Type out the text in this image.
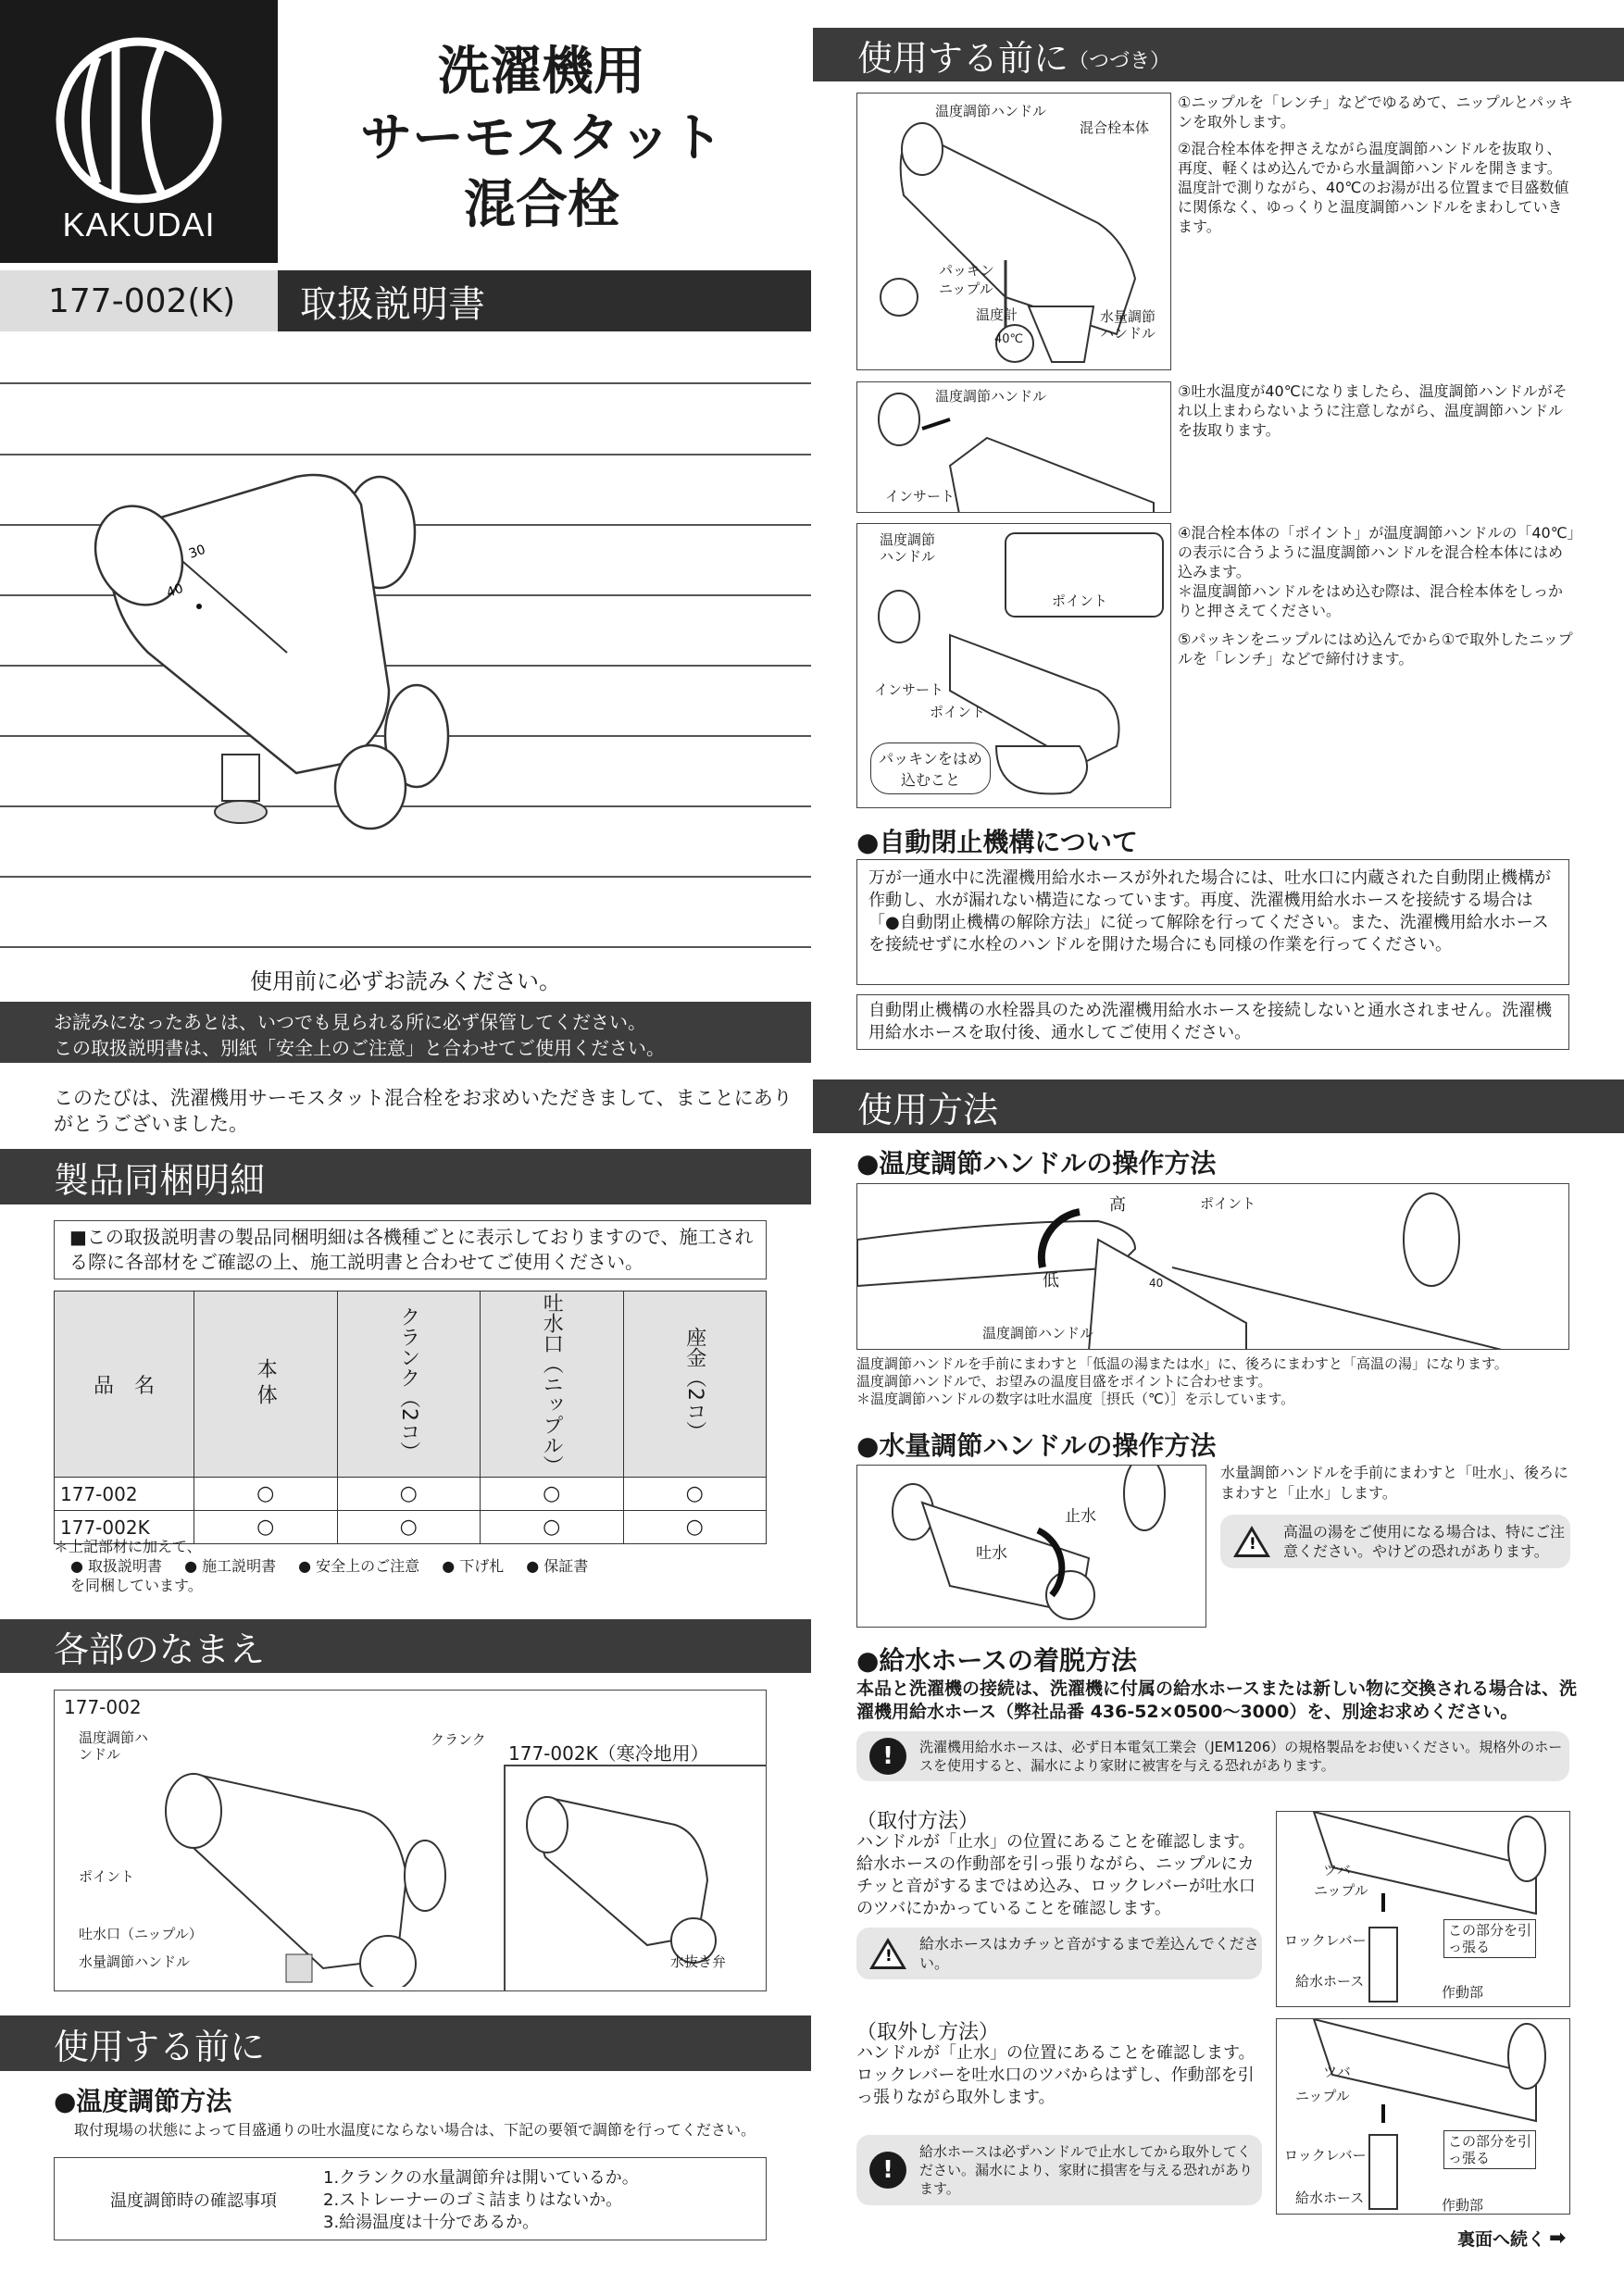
KAKUDAI
洗濯機用
サーモスタット
混合栓
177-002(K)	取扱説明書
30
40
使用前に必ずお読みください。
お読みになったあとは、いつでも見られる所に必ず保管してください。
この取扱説明書は、別紙「安全上のご注意」と合わせてご使用ください。
このたびは、洗濯機用サーモスタット混合栓をお求めいただきまして、まことにありがとうございました。
製品同梱明細
■この取扱説明書の製品同梱明細は各機種ごとに表示しておりますので、施工される際に各部材をご確認の上、施工説明書と合わせてご使用ください。
品　名	本体	クランク（2コ）	吐水口（ニップル）	座金（2コ）
177-002	○	○	○	○
177-002K	○	○	○	○
＊上記部材に加えて、
● 取扱説明書 ● 施工説明書 ● 安全上のご注意 ● 下げ札 ● 保証書
を同梱しています。
各部のなまえ
177-002
温度調節ハンドル
クランク
ポイント
吐水口（ニップル）
水量調節ハンドル
177-002K（寒冷地用）
水抜き弁
使用する前に
●温度調節方法
取付現場の状態によって目盛通りの吐水温度にならない場合は、下記の要領で調節を行ってください。
温度調節時の確認事項
1.クランクの水量調節弁は開いているか。
2.ストレーナーのゴミ詰まりはないか。
3.給湯温度は十分であるか。
使用する前に （つづき）
温度調節ハンドル
混合栓本体
パッキン
ニップル
温度計
40℃
水量調節ハンドル
①ニップルを「レンチ」などでゆるめて、ニップルとパッキンを取外します。
②混合栓本体を押さえながら温度調節ハンドルを抜取り、再度、軽くはめ込んでから水量調節ハンドルを開きます。温度計で測りながら、40℃のお湯が出る位置まで目盛数値に関係なく、ゆっくりと温度調節ハンドルをまわしていきます。
温度調節ハンドル
インサート
③吐水温度が40℃になりましたら、温度調節ハンドルがそれ以上まわらないように注意しながら、温度調節ハンドルを抜取ります。
温度調節ハンドル
ポイント
インサート
ポイント
パッキンをはめ込むこと
④混合栓本体の「ポイント」が温度調節ハンドルの「40℃」の表示に合うように温度調節ハンドルを混合栓本体にはめ込みます。
＊温度調節ハンドルをはめ込む際は、混合栓本体をしっかりと押さえてください。
⑤パッキンをニップルにはめ込んでから①で取外したニップルを「レンチ」などで締付けます。
●自動閉止機構について
万が一通水中に洗濯機用給水ホースが外れた場合には、吐水口に内蔵された自動閉止機構が作動し、水が漏れない構造になっています。再度、洗濯機用給水ホースを接続する場合は「●自動閉止機構の解除方法」に従って解除を行ってください。また、洗濯機用給水ホースを接続せずに水栓のハンドルを開けた場合にも同様の作業を行ってください。
自動閉止機構の水栓器具のため洗濯機用給水ホースを接続しないと通水されません。洗濯機用給水ホースを取付後、通水してご使用ください。
使用方法
●温度調節ハンドルの操作方法
高
低
ポイント
40
温度調節ハンドル
温度調節ハンドルを手前にまわすと「低温の湯または水」に、後ろにまわすと「高温の湯」になります。
温度調節ハンドルで、お望みの温度目盛をポイントに合わせます。
＊温度調節ハンドルの数字は吐水温度［摂氏（℃）］を示しています。
●水量調節ハンドルの操作方法
止水
吐水
水量調節ハンドルを手前にまわすと「吐水」、後ろにまわすと「止水」します。
!
高温の湯をご使用になる場合は、特にご注意ください。やけどの恐れがあります。
●給水ホースの着脱方法
本品と洗濯機の接続は、洗濯機に付属の給水ホースまたは新しい物に交換される場合は、洗濯機用給水ホース（弊社品番 436-52×0500～3000）を、別途お求めください。
!	洗濯機用給水ホースは、必ず日本電気工業会（JEM1206）の規格製品をお使いください。規格外のホースを使用すると、漏水により家財に被害を与える恐れがあります。
（取付方法）
ハンドルが「止水」の位置にあることを確認します。給水ホースの作動部を引っ張りながら、ニップルにカチッと音がするまではめ込み、ロックレバーが吐水口のツバにかかっていることを確認します。
!
給水ホースはカチッと音がするまで差込んでください。
ツバ
ニップル
ロックレバー
給水ホース
この部分を引っ張る
作動部
（取外し方法）
ハンドルが「止水」の位置にあることを確認します。ロックレバーを吐水口のツバからはずし、作動部を引っ張りながら取外します。
!
給水ホースは必ずハンドルで止水してから取外してください。漏水により、家財に損害を与える恐れがあります。
ツバ
ニップル
ロックレバー
給水ホース
この部分を引っ張る
作動部
裏面へ続く ➡
